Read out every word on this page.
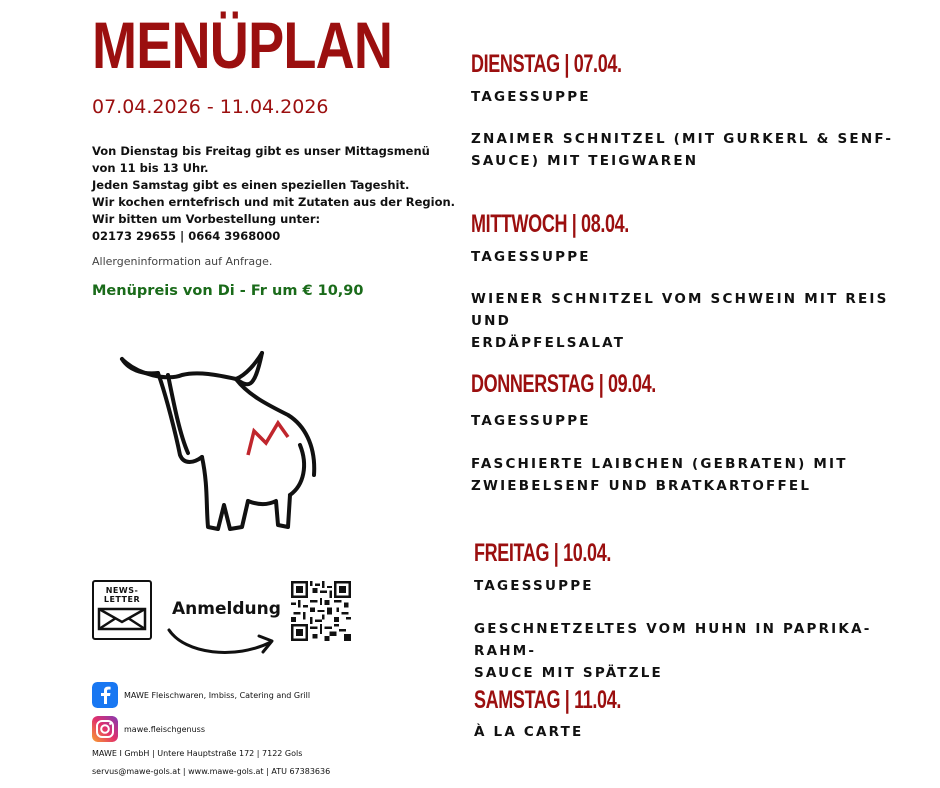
MENÜPLAN
07.04.2026 - 11.04.2026
Von Dienstag bis Freitag gibt es unser Mittagsmenü
von 11 bis 13 Uhr.
Jeden Samstag gibt es einen speziellen Tageshit.
Wir kochen erntefrisch und mit Zutaten aus der Region.
Wir bitten um Vorbestellung unter:
02173 29655 | 0664 3968000
Allergeninformation auf Anfrage.
Menüpreis von Di - Fr um € 10,90
NEWS-
LETTER	Anmeldung
MAWE Fleischwaren, Imbiss, Catering and Grill
mawe.fleischgenuss
MAWE I GmbH | Untere Hauptstraße 172 | 7122 Gols
servus@mawe-gols.at | www.mawe-gols.at | ATU 67383636
DIENSTAG | 07.04.
TAGESSUPPE
ZNAIMER SCHNITZEL (MIT GURKERL & SENF-
SAUCE) MIT TEIGWAREN
MITTWOCH | 08.04.
TAGESSUPPE
WIENER SCHNITZEL VOM SCHWEIN MIT REIS UND
ERDÄPFELSALAT
DONNERSTAG | 09.04.
TAGESSUPPE
FASCHIERTE LAIBCHEN (GEBRATEN) MIT
ZWIEBELSENF UND BRATKARTOFFEL
FREITAG | 10.04.
TAGESSUPPE
GESCHNETZELTES VOM HUHN IN PAPRIKA-RAHM-
SAUCE MIT SPÄTZLE
SAMSTAG | 11.04.
À LA CARTE
